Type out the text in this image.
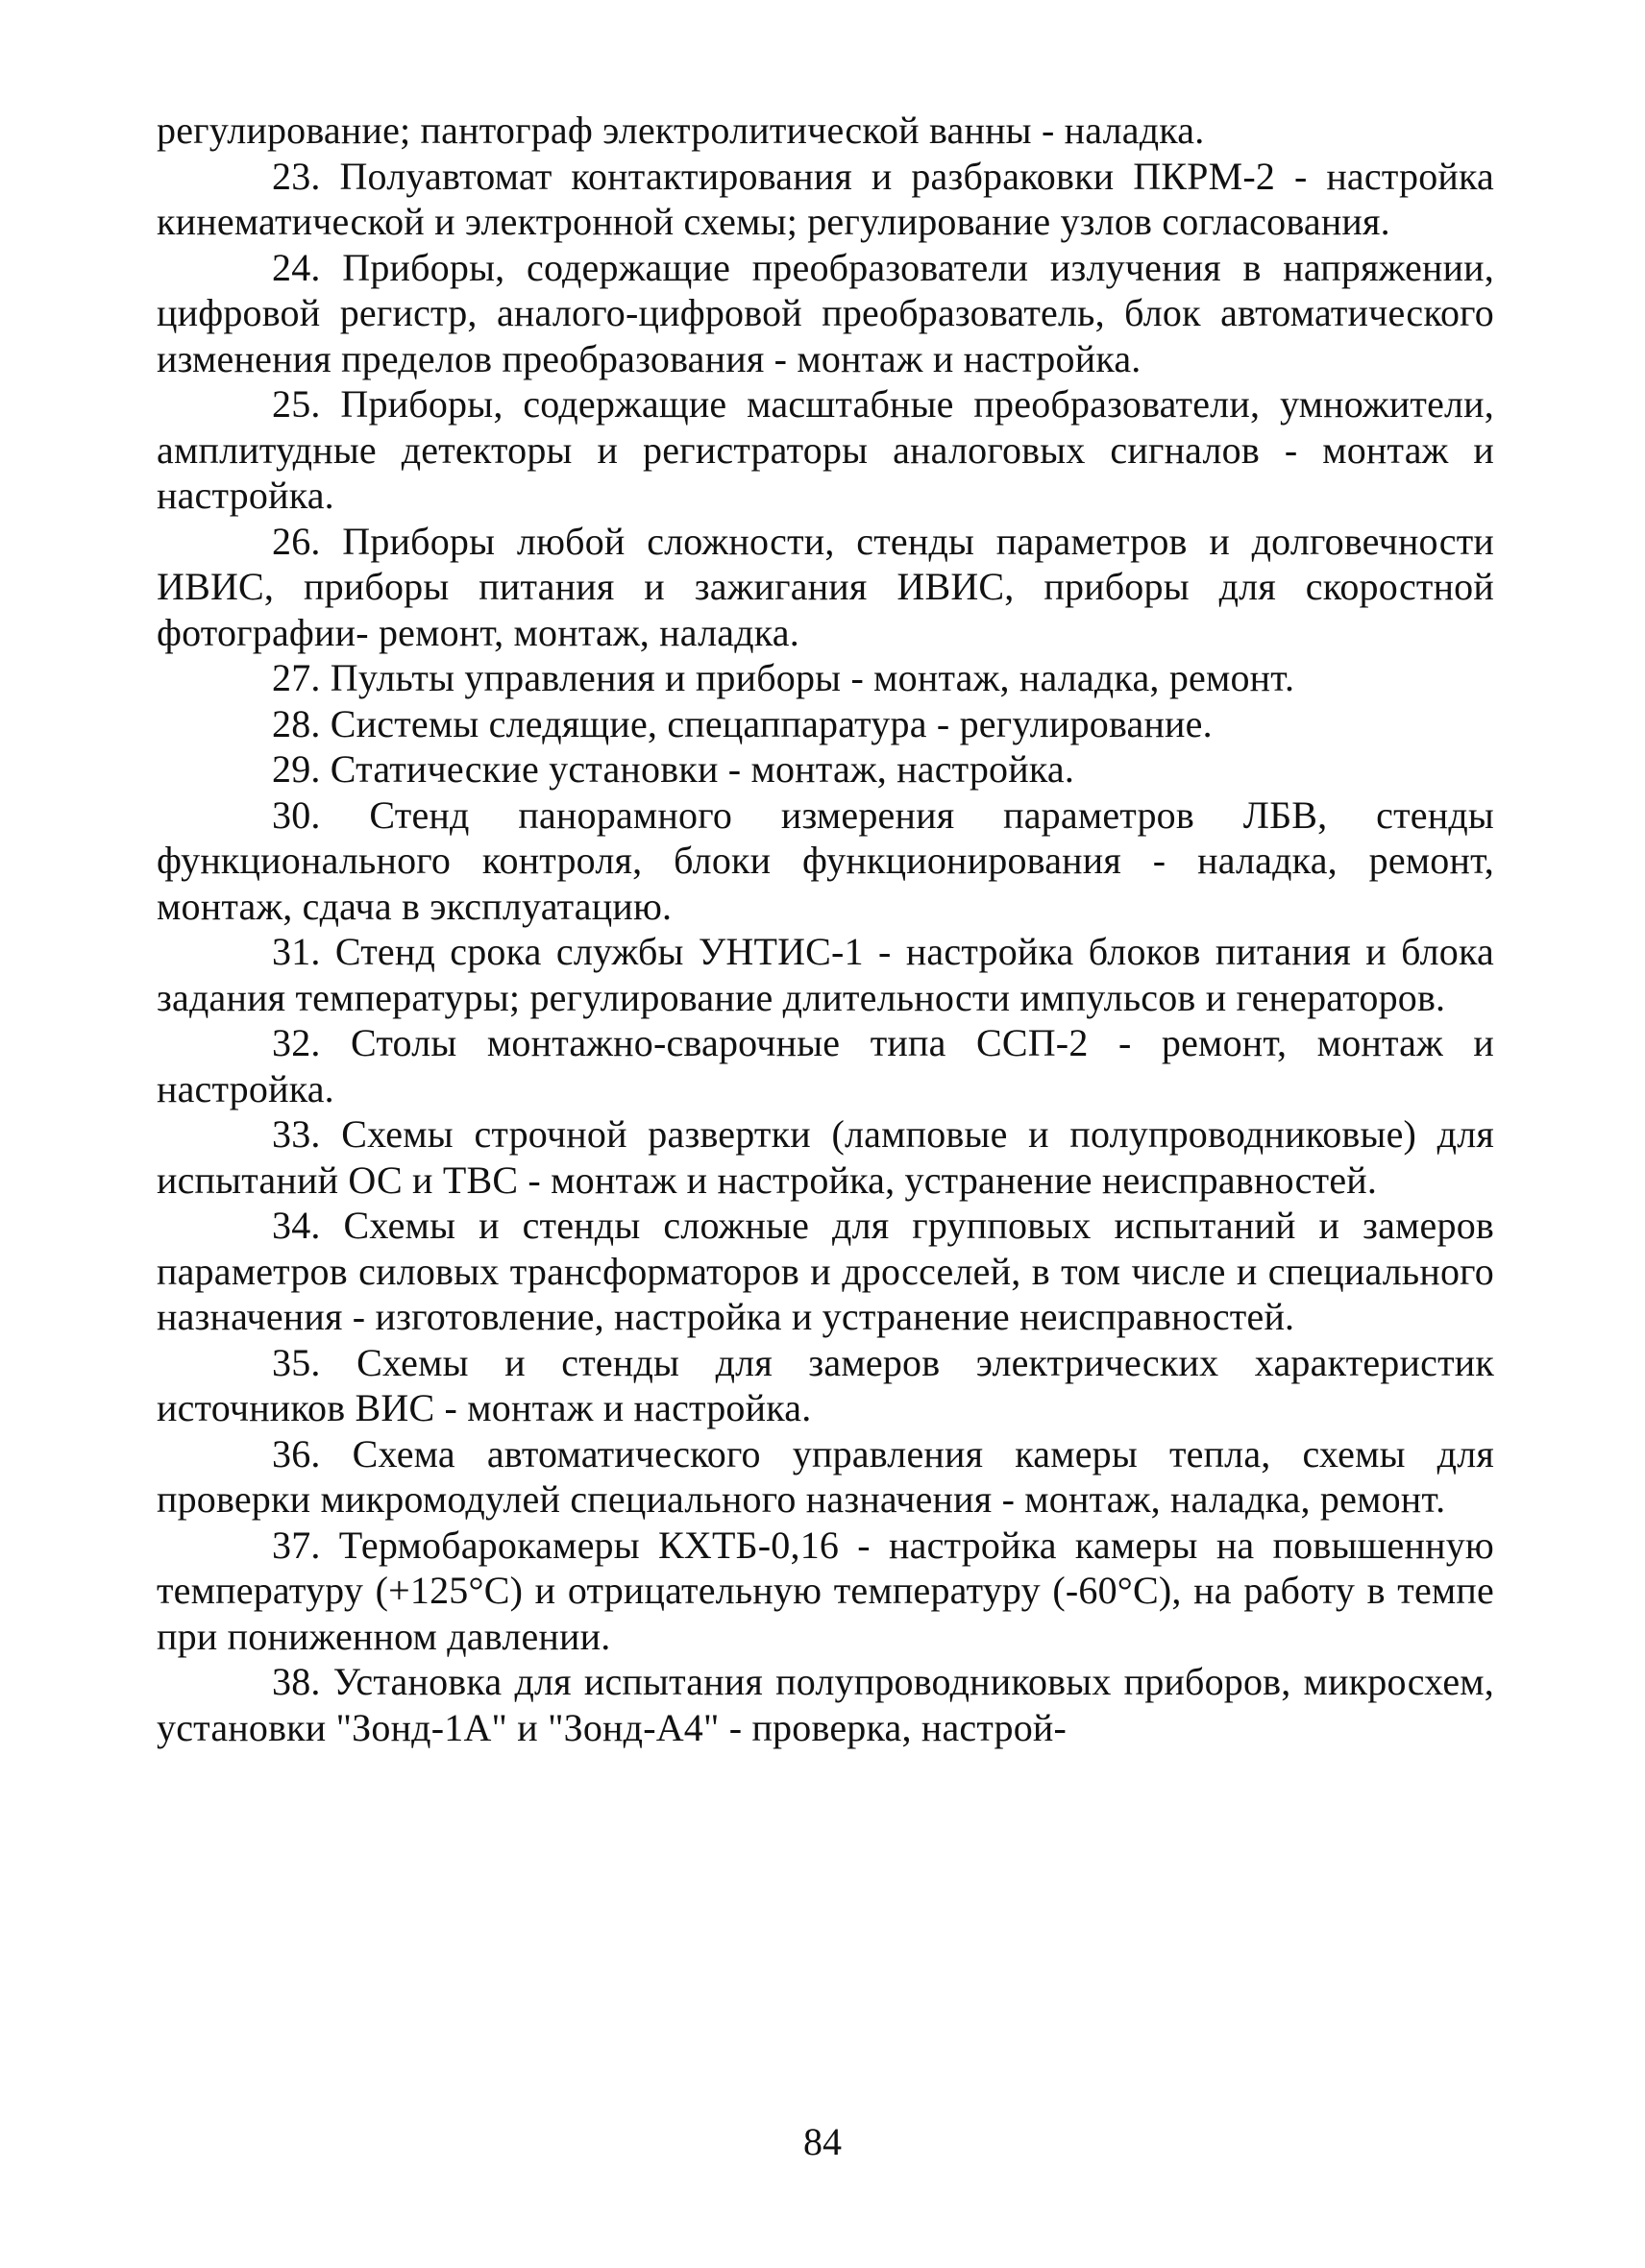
регулирование; пантограф электролитической ванны - наладка.

23. Полуавтомат контактирования и разбраковки ПКРМ-2 - настройка кинематической и электронной схемы; регулирование узлов согласования.

24. Приборы, содержащие преобразователи излучения в напряжении, цифровой регистр, аналого-цифровой преобразователь, блок автоматического изменения пределов преобразования - монтаж и настройка.

25. Приборы, содержащие масштабные преобразователи, умножители, амплитудные детекторы и регистраторы аналоговых сигналов - монтаж и настройка.

26. Приборы любой сложности, стенды параметров и долговечности ИВИС, приборы питания и зажигания ИВИС, приборы для скоростной фотографии- ремонт, монтаж, наладка.

27. Пульты управления и приборы - монтаж, наладка, ремонт.

28. Системы следящие, спецаппаратура - регулирование.

29. Статические установки - монтаж, настройка.

30. Стенд панорамного измерения параметров ЛБВ, стенды функционального контроля, блоки функционирования - наладка, ремонт, монтаж, сдача в эксплуатацию.

31. Стенд срока службы УНТИС-1 - настройка блоков питания и блока задания температуры; регулирование длительности импульсов и генераторов.

32. Столы монтажно-сварочные типа ССП-2 - ремонт, монтаж и настройка.

33. Схемы строчной развертки (ламповые и полупроводниковые) для испытаний ОС и ТВС - монтаж и настройка, устранение неисправностей.

34. Схемы и стенды сложные для групповых испытаний и замеров параметров силовых трансформаторов и дросселей, в том числе и специального назначения - изготовление, настройка и устранение неисправностей.

35. Схемы и стенды для замеров электрических характеристик источников ВИС - монтаж и настройка.

36. Схема автоматического управления камеры тепла, схемы для проверки микромодулей специального назначения - монтаж, наладка, ремонт.

37. Термобарокамеры КХТБ-0,16 - настройка камеры на повышенную температуру (+125°С) и отрицательную температуру (-60°С), на работу в темпе при пониженном давлении.

38. Установка для испытания полупроводниковых приборов, микросхем, установки "Зонд-1А" и "Зонд-А4" - проверка, настрой-

84
